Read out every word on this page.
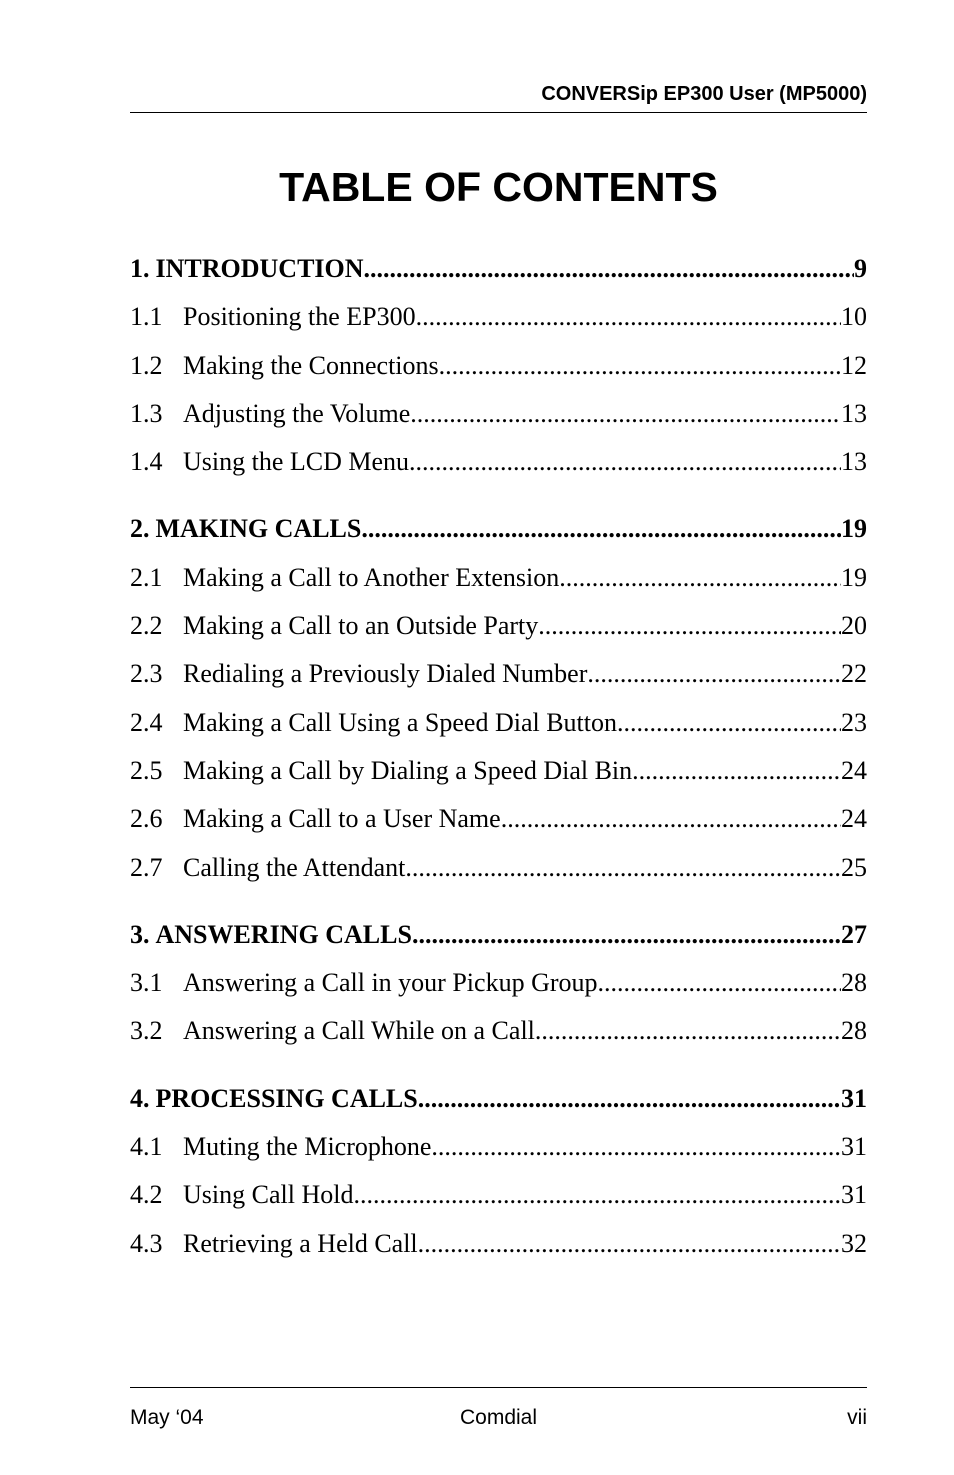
CONVERSip EP300 User (MP5000)
TABLE OF CONTENTS
1. INTRODUCTION .....	9
1.1 Positioning the EP300 .....	10
1.2 Making the Connections .....	12
1.3 Adjusting the Volume .....	13
1.4 Using the LCD Menu .....	13
2. MAKING CALLS .....	19
2.1 Making a Call to Another Extension .....	19
2.2 Making a Call to an Outside Party .....	20
2.3 Redialing a Previously Dialed Number .....	22
2.4 Making a Call Using a Speed Dial Button .....	23
2.5 Making a Call by Dialing a Speed Dial Bin .....	24
2.6 Making a Call to a User Name .....	24
2.7 Calling the Attendant .....	25
3. ANSWERING CALLS .....	27
3.1 Answering a Call in your Pickup Group .....	28
3.2 Answering a Call While on a Call .....	28
4. PROCESSING CALLS .....	31
4.1 Muting the Microphone .....	31
4.2 Using Call Hold .....	31
4.3 Retrieving a Held Call .....	32
Comdial
May ‘04	vii
